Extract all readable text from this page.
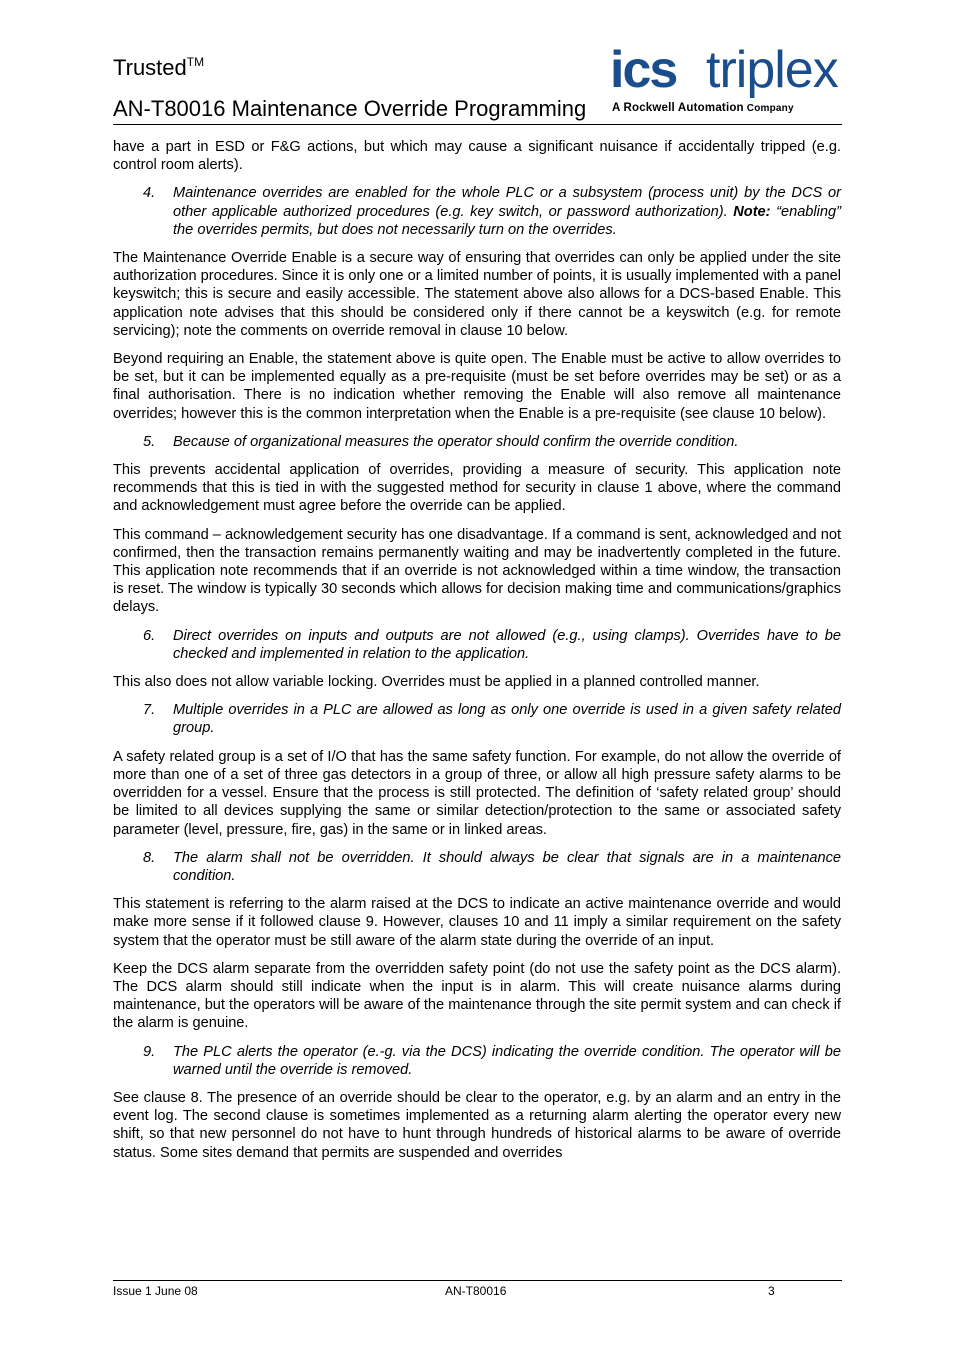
Trusted™
AN-T80016 Maintenance Override Programming
ics triplex
A Rockwell Automation Company

have a part in ESD or F&G actions, but which may cause a significant nuisance if accidentally tripped (e.g. control room alerts).

4.	Maintenance overrides are enabled for the whole PLC or a subsystem (process unit) by the DCS or other applicable authorized procedures (e.g. key switch, or password authorization). Note: “enabling” the overrides permits, but does not necessarily turn on the overrides.

The Maintenance Override Enable is a secure way of ensuring that overrides can only be applied under the site authorization procedures. Since it is only one or a limited number of points, it is usually implemented with a panel keyswitch; this is secure and easily accessible. The statement above also allows for a DCS-based Enable. This application note advises that this should be considered only if there cannot be a keyswitch (e.g. for remote servicing); note the comments on override removal in clause 10 below.

Beyond requiring an Enable, the statement above is quite open. The Enable must be active to allow overrides to be set, but it can be implemented equally as a pre-requisite (must be set before overrides may be set) or as a final authorisation. There is no indication whether removing the Enable will also remove all maintenance overrides; however this is the common interpretation when the Enable is a pre-requisite (see clause 10 below).

5.	Because of organizational measures the operator should confirm the override condition.

This prevents accidental application of overrides, providing a measure of security. This application note recommends that this is tied in with the suggested method for security in clause 1 above, where the command and acknowledgement must agree before the override can be applied.

This command – acknowledgement security has one disadvantage. If a command is sent, acknowledged and not confirmed, then the transaction remains permanently waiting and may be inadvertently completed in the future. This application note recommends that if an override is not acknowledged within a time window, the transaction is reset. The window is typically 30 seconds which allows for decision making time and communications/graphics delays.

6.	Direct overrides on inputs and outputs are not allowed (e.g., using clamps). Overrides have to be checked and implemented in relation to the application.

This also does not allow variable locking. Overrides must be applied in a planned controlled manner.

7.	Multiple overrides in a PLC are allowed as long as only one override is used in a given safety related group.

A safety related group is a set of I/O that has the same safety function. For example, do not allow the override of more than one of a set of three gas detectors in a group of three, or allow all high pressure safety alarms to be overridden for a vessel. Ensure that the process is still protected. The definition of ‘safety related group’ should be limited to all devices supplying the same or similar detection/protection to the same or associated safety parameter (level, pressure, fire, gas) in the same or in linked areas.

8.	The alarm shall not be overridden. It should always be clear that signals are in a maintenance condition.

This statement is referring to the alarm raised at the DCS to indicate an active maintenance override and would make more sense if it followed clause 9. However, clauses 10 and 11 imply a similar requirement on the safety system that the operator must be still aware of the alarm state during the override of an input.

Keep the DCS alarm separate from the overridden safety point (do not use the safety point as the DCS alarm). The DCS alarm should still indicate when the input is in alarm. This will create nuisance alarms during maintenance, but the operators will be aware of the maintenance through the site permit system and can check if the alarm is genuine.

9.	The PLC alerts the operator (e.-g. via the DCS) indicating the override condition. The operator will be warned until the override is removed.

See clause 8. The presence of an override should be clear to the operator, e.g. by an alarm and an entry in the event log. The second clause is sometimes implemented as a returning alarm alerting the operator every new shift, so that new personnel do not have to hunt through hundreds of historical alarms to be aware of override status. Some sites demand that permits are suspended and overrides

Issue 1 June 08	AN-T80016	3
